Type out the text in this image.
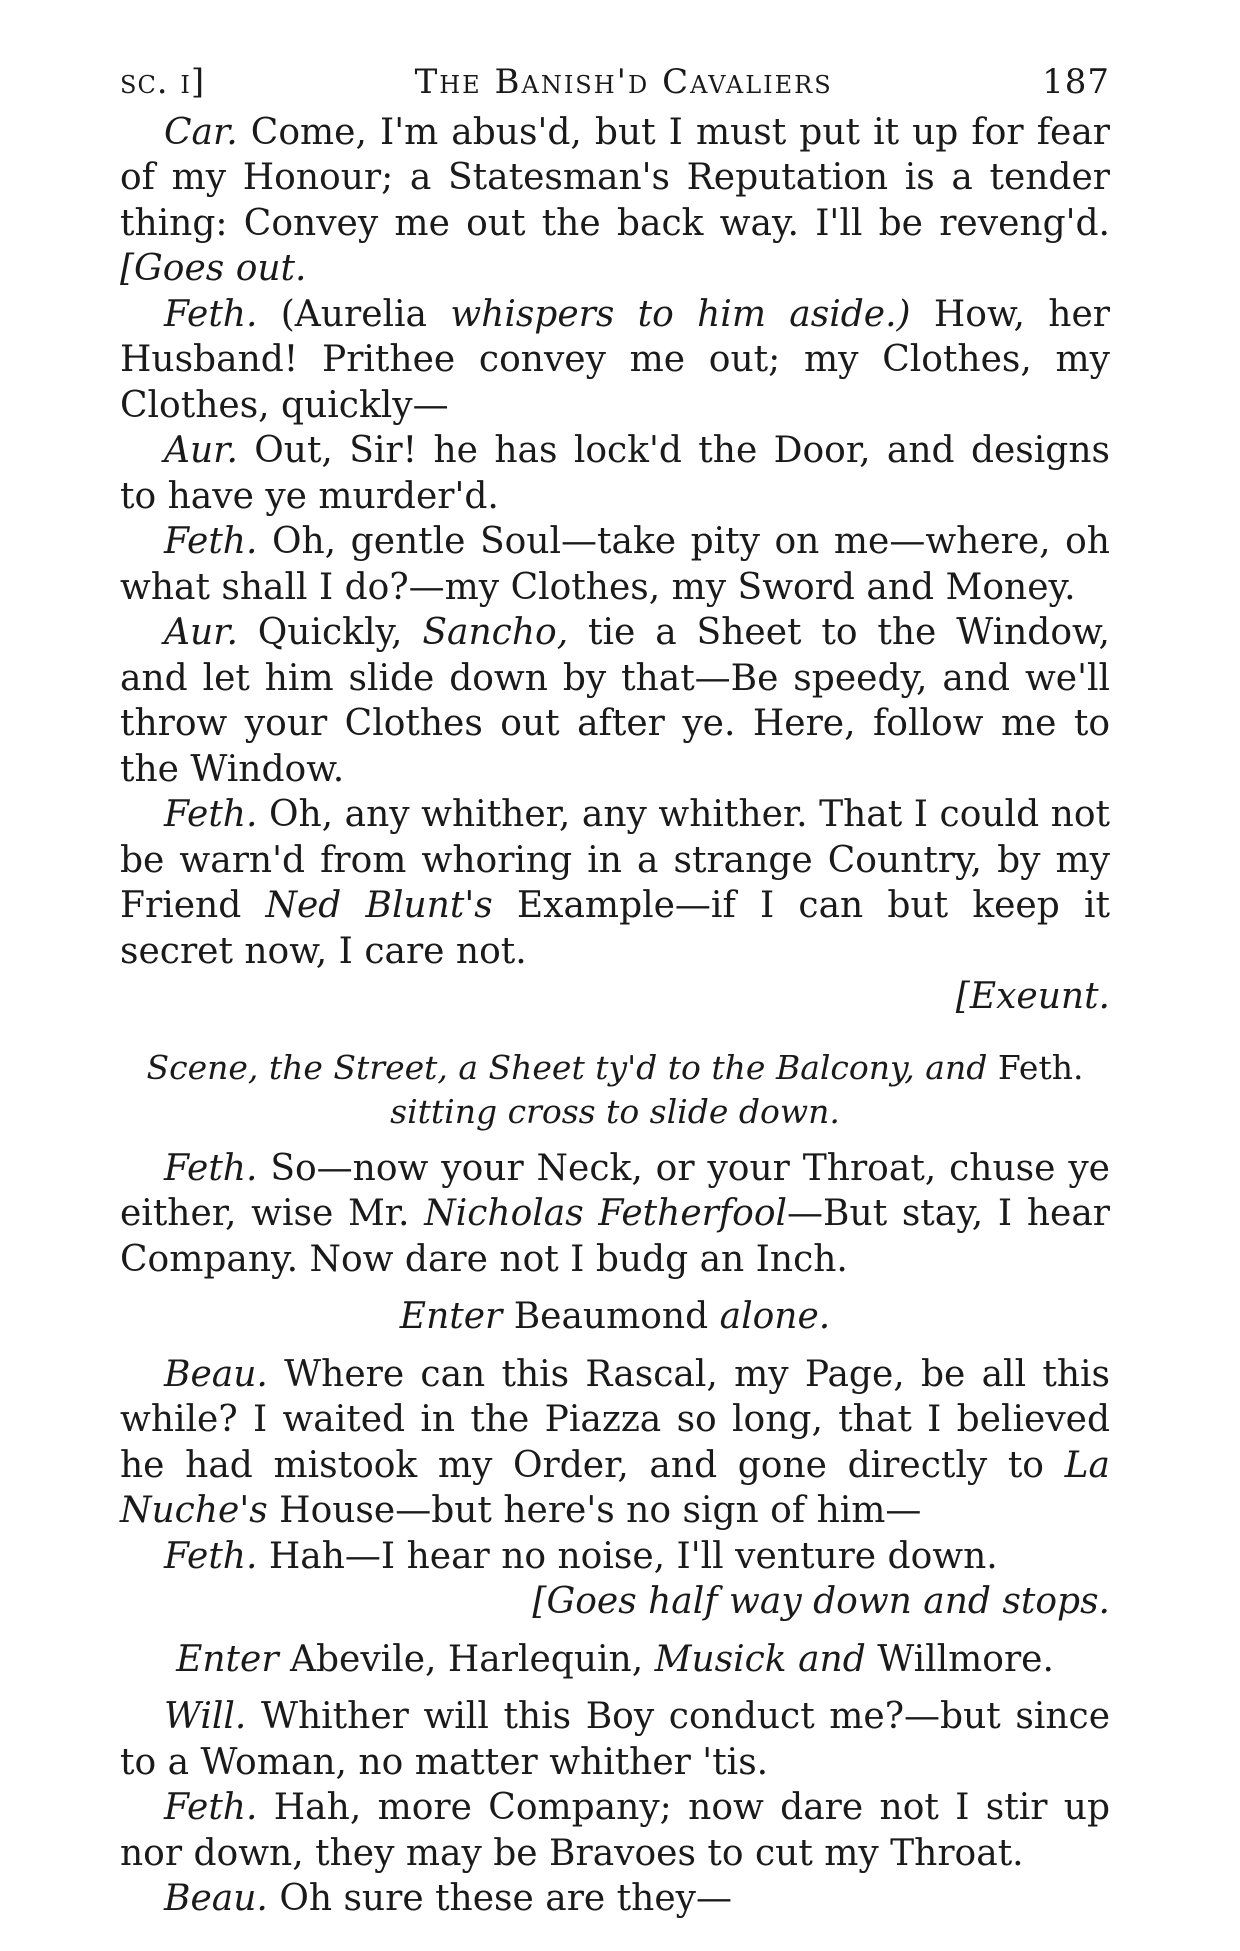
sc. i]	The Banish'd Cavaliers	187

Car. Come, I'm abus'd, but I must put it up for fear of my Honour; a Statesman's Reputation is a tender thing: Convey me out the back way. I'll be reveng'd. [Goes out.

Feth. (Aurelia whispers to him aside.) How, her Husband! Prithee convey me out; my Clothes, my Clothes, quickly—

Aur. Out, Sir! he has lock'd the Door, and designs to have ye murder'd.

Feth. Oh, gentle Soul—take pity on me—where, oh what shall I do?—my Clothes, my Sword and Money.

Aur. Quickly, Sancho, tie a Sheet to the Window, and let him slide down by that—Be speedy, and we'll throw your Clothes out after ye. Here, follow me to the Window.

Feth. Oh, any whither, any whither. That I could not be warn'd from whoring in a strange Country, by my Friend Ned Blunt's Example—if I can but keep it secret now, I care not.

[Exeunt.

Scene, the Street, a Sheet ty'd to the Balcony, and Feth.
sitting cross to slide down.

Feth. So—now your Neck, or your Throat, chuse ye either, wise Mr. Nicholas Fetherfool—But stay, I hear Company. Now dare not I budg an Inch.

Enter Beaumond alone.

Beau. Where can this Rascal, my Page, be all this while? I waited in the Piazza so long, that I believed he had mistook my Order, and gone directly to La Nuche's House—but here's no sign of him—

Feth. Hah—I hear no noise, I'll venture down.

[Goes half way down and stops.

Enter Abevile, Harlequin, Musick and Willmore.

Will. Whither will this Boy conduct me?—but since to a Woman, no matter whither 'tis.

Feth. Hah, more Company; now dare not I stir up nor down, they may be Bravoes to cut my Throat.

Beau. Oh sure these are they—
